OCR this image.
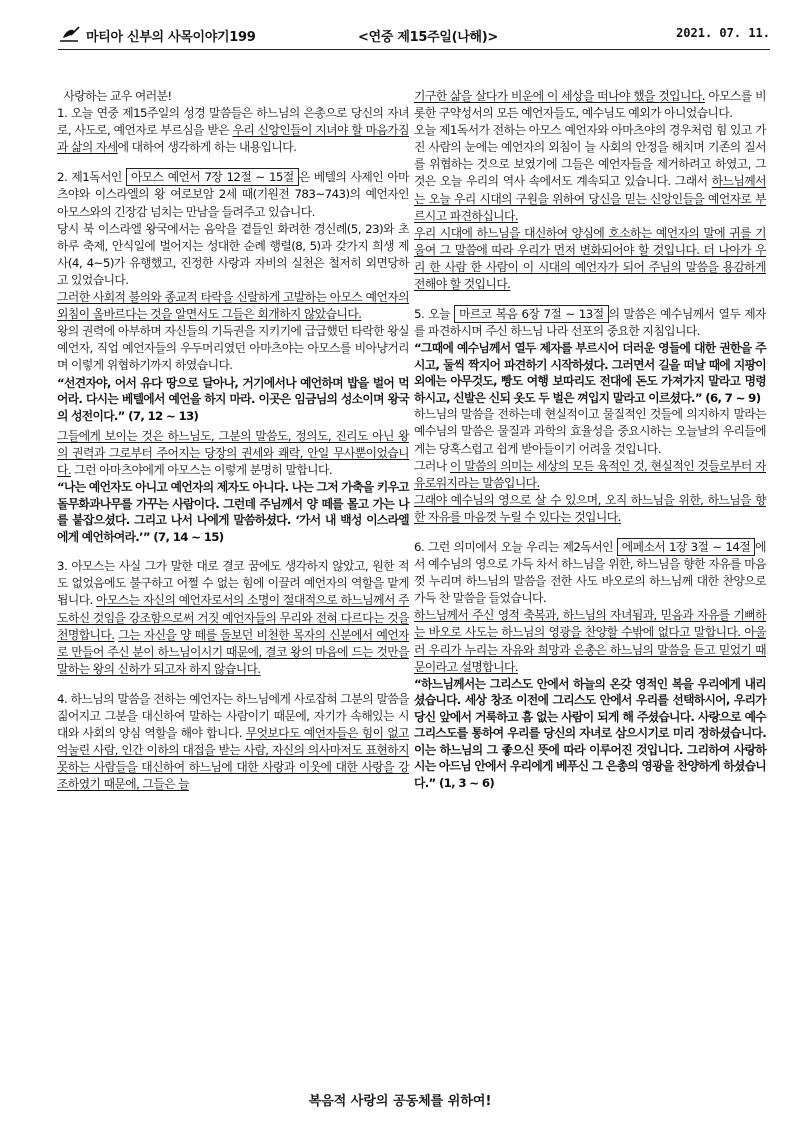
마티아 신부의 사목이야기199	<연중 제15주일(나해)>	2021. 07. 11.

사랑하는 교우 여러분!

1. 오늘 연중 제15주일의 성경 말씀들은 하느님의 은총으로 당신의 자녀로, 사도로, 예언자로 부르심을 받은 우리 신앙인들이 지녀야 할 마음가짐과 삶의 자세에 대하여 생각하게 하는 내용입니다.

2. 제1독서인 아모스 예언서 7장 12절 ~ 15절 은 베텔의 사제인 아마츠야와 이스라엘의 왕 여로보암 2세 때(기원전 783~743)의 예언자인 아모스와의 긴장감 넘치는 만남을 들려주고 있습니다.

당시 북 이스라엘 왕국에서는 음악을 곁들인 화려한 경신례(5, 23)와 초하루 축제, 안식일에 벌어지는 성대한 순례 행렬(8, 5)과 갖가지 희생 제사(4, 4~5)가 유행했고, 진정한 사랑과 자비의 실천은 철저히 외면당하고 있었습니다.

그러한 사회적 불의와 종교적 타락을 신랄하게 고발하는 아모스 예언자의 외침이 올바르다는 것을 알면서도 그들은 회개하지 않았습니다.

왕의 권력에 아부하며 자신들의 기득권을 지키기에 급급했던 타락한 왕실 예언자, 직업 예언자들의 우두머리였던 아마츠야는 아모스를 비아냥거리며 이렇게 위협하기까지 하였습니다.

“선견자야, 어서 유다 땅으로 달아나, 거기에서나 예언하며 밥을 벌어 먹어라. 다시는 베텔에서 예언을 하지 마라. 이곳은 임금님의 성소이며 왕국의 성전이다.” (7, 12 ~ 13)

그들에게 보이는 것은 하느님도, 그분의 말씀도, 정의도, 진리도 아닌 왕의 권력과 그로부터 주어지는 당장의 권세와 쾌락, 안일 무사뿐이었습니다. 그런 아마츠야에게 아모스는 이렇게 분명히 말합니다.

“나는 예언자도 아니고 예언자의 제자도 아니다. 나는 그저 가축을 키우고 돌무화과나무를 가꾸는 사람이다. 그런데 주님께서 양 떼를 몰고 가는 나를 붙잡으셨다. 그리고 나서 나에게 말씀하셨다. ‘가서 내 백성 이스라엘에게 예언하여라.’” (7, 14 ~ 15)

3. 아모스는 사실 그가 말한 대로 결코 꿈에도 생각하지 않았고, 원한 적도 없었음에도 불구하고 어쩔 수 없는 힘에 이끌려 예언자의 역할을 맡게 됩니다. 아모스는 자신의 예언자로서의 소명이 절대적으로 하느님께서 주도하신 것임을 강조함으로써 거짓 예언자들의 무리와 전혀 다르다는 것을 천명합니다. 그는 자신을 양 떼를 돌보던 비천한 목자의 신분에서 예언자로 만들어 주신 분이 하느님이시기 때문에, 결코 왕의 마음에 드는 것만을 말하는 왕의 신하가 되고자 하지 않습니다.

4. 하느님의 말씀을 전하는 예언자는 하느님에게 사로잡혀 그분의 말씀을 짊어지고 그분을 대신하여 말하는 사람이기 때문에, 자기가 속해있는 시대와 사회의 양심 역할을 해야 합니다. 무엇보다도 예언자들은 힘이 없고 억눌린 사람, 인간 이하의 대접을 받는 사람, 자신의 의사마저도 표현하지 못하는 사람들을 대신하여 하느님에 대한 사랑과 이웃에 대한 사랑을 강조하였기 때문에, 그들은 늘

기구한 삶을 살다가 비운에 이 세상을 떠나야 했을 것입니다. 아모스를 비롯한 구약성서의 모든 예언자들도, 예수님도 예외가 아니었습니다.

오늘 제1독서가 전하는 아모스 예언자와 아마츠야의 경우처럼 힘 있고 가진 사람의 눈에는 예언자의 외침이 늘 사회의 안정을 해치며 기존의 질서를 위협하는 것으로 보였기에 그들은 예언자들을 제거하려고 하였고, 그것은 오늘 우리의 역사 속에서도 계속되고 있습니다. 그래서 하느님께서는 오늘 우리 시대의 구원을 위하여 당신을 믿는 신앙인들을 예언자로 부르시고 파견하십니다.

우리 시대에 하느님을 대신하여 양심에 호소하는 예언자의 말에 귀를 기울여 그 말씀에 따라 우리가 먼저 변화되어야 할 것입니다. 더 나아가 우리 한 사람 한 사람이 이 시대의 예언자가 되어 주님의 말씀을 용감하게 전해야 할 것입니다.

5. 오늘 마르코 복음 6장 7절 ~ 13절 의 말씀은 예수님께서 열두 제자를 파견하시며 주신 하느님 나라 선포의 중요한 지침입니다.

“그때에 예수님께서 열두 제자를 부르시어 더러운 영들에 대한 권한을 주시고, 둘씩 짝지어 파견하기 시작하셨다. 그러면서 길을 떠날 때에 지팡이 외에는 아무것도, 빵도 여행 보따리도 전대에 돈도 가져가지 말라고 명령하시고, 신발은 신되 옷도 두 벌은 껴입지 말라고 이르셨다.” (6, 7 ~ 9)

하느님의 말씀을 전하는데 현실적이고 물질적인 것들에 의지하지 말라는 예수님의 말씀은 물질과 과학의 효율성을 중요시하는 오늘날의 우리들에게는 당혹스럽고 쉽게 받아들이기 어려울 것입니다.

그러나 이 말씀의 의미는 세상의 모든 육적인 것, 현실적인 것들로부터 자유로워지라는 말씀입니다.

그래야 예수님의 영으로 살 수 있으며, 오직 하느님을 위한, 하느님을 향한 자유를 마음껏 누릴 수 있다는 것입니다.

6. 그런 의미에서 오늘 우리는 제2독서인 에페소서 1장 3절 ~ 14절 에서 예수님의 영으로 가득 차서 하느님을 위한, 하느님을 향한 자유를 마음껏 누리며 하느님의 말씀을 전한 사도 바오로의 하느님께 대한 찬양으로 가득 찬 말씀을 들었습니다.

하느님께서 주신 영적 축복과, 하느님의 자녀됨과, 믿음과 자유를 기뻐하는 바오로 사도는 하느님의 영광을 찬양할 수밖에 없다고 말합니다. 아울러 우리가 누리는 자유와 희망과 은총은 하느님의 말씀을 듣고 믿었기 때문이라고 설명합니다.

“하느님께서는 그리스도 안에서 하늘의 온갖 영적인 복을 우리에게 내리셨습니다. 세상 창조 이전에 그리스도 안에서 우리를 선택하시어, 우리가 당신 앞에서 거룩하고 흠 없는 사람이 되게 해 주셨습니다. 사랑으로 예수 그리스도를 통하여 우리를 당신의 자녀로 삼으시기로 미리 정하셨습니다. 이는 하느님의 그 좋으신 뜻에 따라 이루어진 것입니다. 그리하여 사랑하시는 아드님 안에서 우리에게 베푸신 그 은총의 영광을 찬양하게 하셨습니다.” (1, 3 ~ 6)

복음적 사랑의 공동체를 위하여!
